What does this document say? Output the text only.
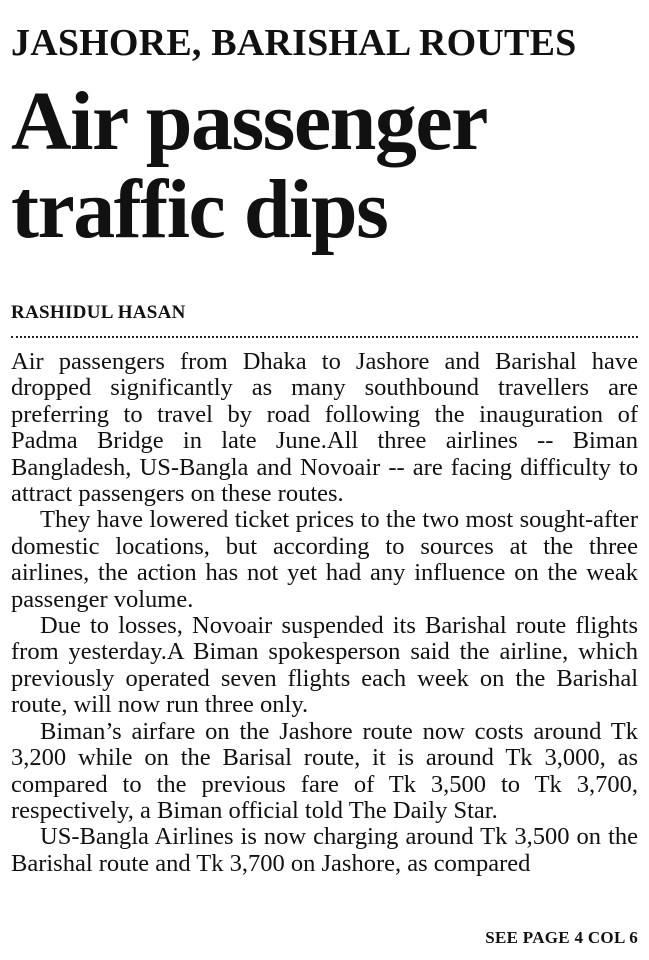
JASHORE, BARISHAL ROUTES
Air passenger traffic dips
RASHIDUL HASAN

Air passengers from Dhaka to Jashore and Barishal have dropped significantly as many southbound travellers are preferring to travel by road following the inauguration of Padma Bridge in late June.All three airlines -- Biman Bangladesh, US-Bangla and Novoair -- are facing difficulty to attract passengers on these routes.

They have lowered ticket prices to the two most sought-after domestic locations, but according to sources at the three airlines, the action has not yet had any influence on the weak passenger volume.

Due to losses, Novoair suspended its Barishal route flights from yesterday.A Biman spokesperson said the airline, which previously operated seven flights each week on the Barishal route, will now run three only.

Biman’s airfare on the Jashore route now costs around Tk 3,200 while on the Barisal route, it is around Tk 3,000, as compared to the previous fare of Tk 3,500 to Tk 3,700, respectively, a Biman official told The Daily Star.

US-Bangla Airlines is now charging around Tk 3,500 on the Barishal route and Tk 3,700 on Jashore, as compared

SEE PAGE 4 COL 6
